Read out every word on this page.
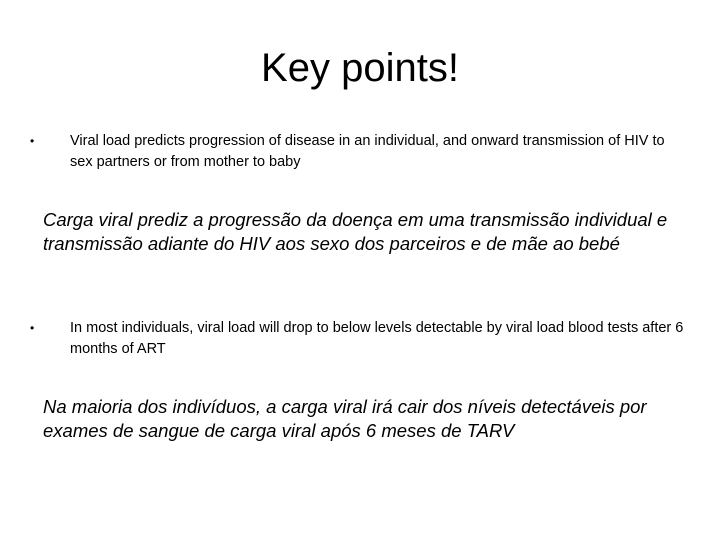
Key points!
•	Viral load predicts progression of disease in an individual, and onward transmission of HIV to sex partners or from mother to baby
Carga viral prediz a progressão da doença em uma transmissão individual e transmissão adiante do HIV aos sexo dos parceiros e de mãe ao bebé
•	In most individuals, viral load will drop to below levels detectable by viral load blood tests after 6 months of ART
Na maioria dos indivíduos, a carga viral irá cair dos níveis detectáveis por exames de sangue de carga viral após 6 meses de TARV
